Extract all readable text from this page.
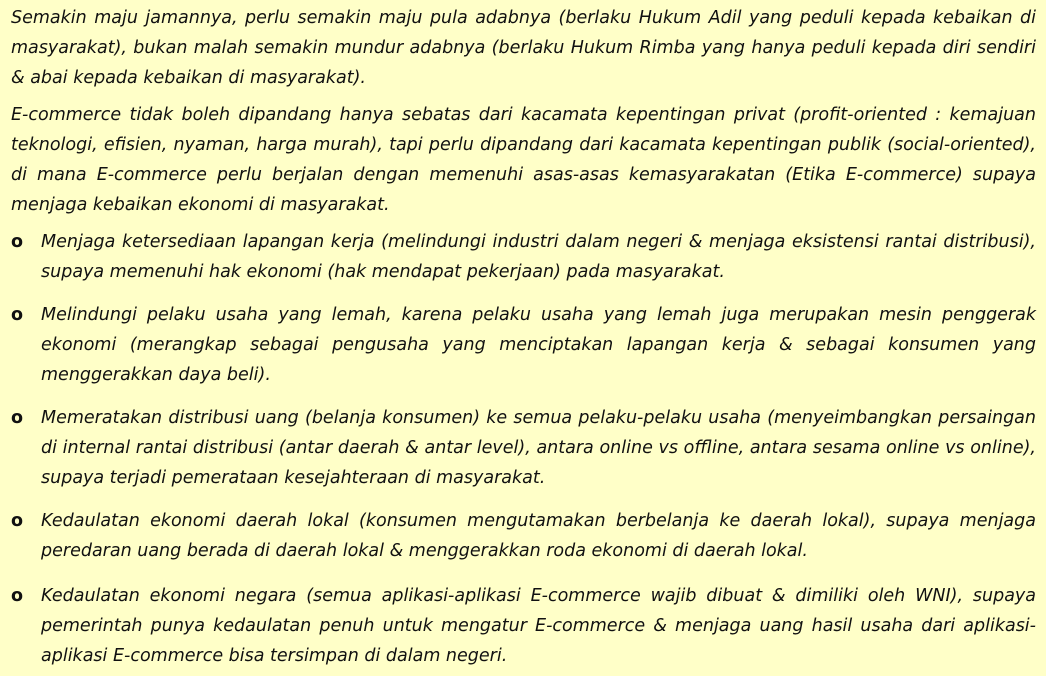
Semakin maju jamannya, perlu semakin maju pula adabnya (berlaku Hukum Adil yang peduli kepada kebaikan di masyarakat), bukan malah semakin mundur adabnya (berlaku Hukum Rimba yang hanya peduli kepada diri sendiri & abai kepada kebaikan di masyarakat).

E-commerce tidak boleh dipandang hanya sebatas dari kacamata kepentingan privat (profit-oriented : kemajuan teknologi, efisien, nyaman, harga murah), tapi perlu dipandang dari kacamata kepentingan publik (social-oriented), di mana E-commerce perlu berjalan dengan memenuhi asas-asas kemasyarakatan (Etika E-commerce) supaya menjaga kebaikan ekonomi di masyarakat.

o	Menjaga ketersediaan lapangan kerja (melindungi industri dalam negeri & menjaga eksistensi rantai distribusi), supaya memenuhi hak ekonomi (hak mendapat pekerjaan) pada masyarakat.
o	Melindungi pelaku usaha yang lemah, karena pelaku usaha yang lemah juga merupakan mesin penggerak ekonomi (merangkap sebagai pengusaha yang menciptakan lapangan kerja & sebagai konsumen yang menggerakkan daya beli).
o	Memeratakan distribusi uang (belanja konsumen) ke semua pelaku-pelaku usaha (menyeimbangkan persaingan di internal rantai distribusi (antar daerah & antar level), antara online vs offline, antara sesama online vs online), supaya terjadi pemerataan kesejahteraan di masyarakat.
o	Kedaulatan ekonomi daerah lokal (konsumen mengutamakan berbelanja ke daerah lokal), supaya menjaga peredaran uang berada di daerah lokal & menggerakkan roda ekonomi di daerah lokal.
o	Kedaulatan ekonomi negara (semua aplikasi-aplikasi E-commerce wajib dibuat & dimiliki oleh WNI), supaya pemerintah punya kedaulatan penuh untuk mengatur E-commerce & menjaga uang hasil usaha dari aplikasi-aplikasi E-commerce bisa tersimpan di dalam negeri.
